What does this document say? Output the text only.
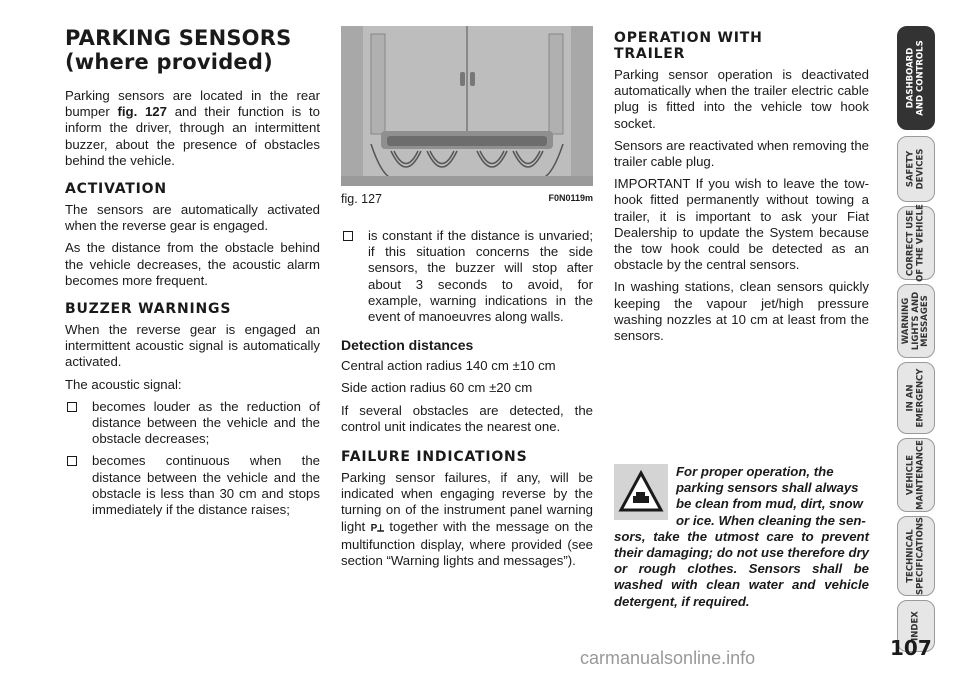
PARKING SENSORS
(where provided)

Parking sensors are located in the rear bumper fig. 127 and their function is to inform the driver, through an intermittent buzzer, about the presence of obstacles behind the vehicle.

ACTIVATION

The sensors are automatically activated when the reverse gear is engaged.

As the distance from the obstacle behind the vehicle decreases, the acoustic alarm becomes more frequent.

BUZZER WARNINGS

When the reverse gear is engaged an intermittent acoustic signal is automatically activated.

The acoustic signal:

becomes louder as the reduction of distance between the vehicle and the obstacle decreases;
becomes continuous when the distance between the vehicle and the obstacle is less than 30 cm and stops immediately if the distance raises;
fig. 127	F0N0119m
is constant if the distance is unvaried; if this situation concerns the side sensors, the buzzer will stop after about 3 seconds to avoid, for example, warning indications in the event of manoeuvres along walls.
Detection distances

Central action radius 140 cm ±10 cm

Side action radius 60 cm ±20 cm

If several obstacles are detected, the control unit indicates the nearest one.

FAILURE INDICATIONS

Parking sensor failures, if any, will be indicated when engaging reverse by the turning on of the instrument panel warning light P⟂ together with the message on the multifunction display, where provided (see section “Warning lights and messages”).

OPERATION WITH
TRAILER

Parking sensor operation is deactivated automatically when the trailer electric cable plug is fitted into the vehicle tow hook socket.

Sensors are reactivated when removing the trailer cable plug.

IMPORTANT If you wish to leave the tow-hook fitted permanently without towing a trailer, it is important to ask your Fiat Dealership to update the System because the tow hook could be detected as an obstacle by the central sensors.

In washing stations, clean sensors quickly keeping the vapour jet/high pressure washing nozzles at 10 cm at least from the sensors.

For proper operation, the
parking sensors shall always
be clean from mud, dirt, snow
or ice. When cleaning the sen-
sors, take the utmost care to prevent their damaging; do not use therefore dry or rough clothes. Sensors shall be washed with clean water and vehicle detergent, if required.
DASHBOARD AND CONTROLS
SAFETY DEVICES
CORRECT USE OF THE VEHICLE
WARNING LIGHTS AND MESSAGES
IN AN EMERGENCY
VEHICLE MAINTENANCE
TECHNICAL SPECIFICATIONS
INDEX
107
carmanualsonline.info
